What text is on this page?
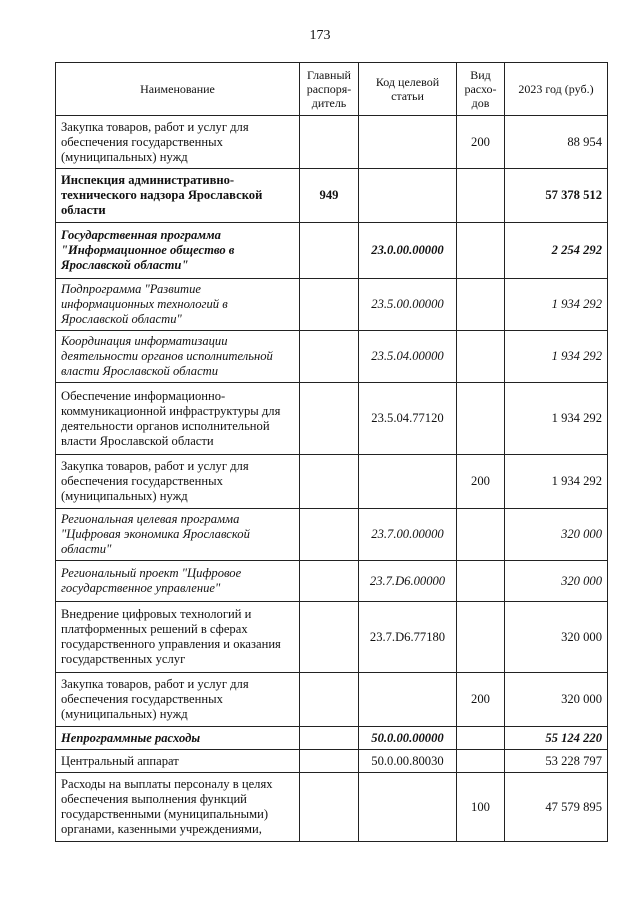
173
Наименование	Главный распоря-дитель	Код целевой статьи	Вид расхо-дов	2023 год (руб.)
Закупка товаров, работ и услуг для обеспечения государственных (муниципальных) нужд			200	88 954
Инспекция административно-технического надзора Ярославской области	949			57 378 512
Государственная программа "Информационное общество в Ярославской области"		23.0.00.00000		2 254 292
Подпрограмма "Развитие информационных технологий в Ярославской области"		23.5.00.00000		1 934 292
Координация информатизации деятельности органов исполнительной власти Ярославской области		23.5.04.00000		1 934 292
Обеспечение информационно-коммуникационной инфраструктуры для деятельности органов исполнительной власти Ярославской области		23.5.04.77120		1 934 292
Закупка товаров, работ и услуг для обеспечения государственных (муниципальных) нужд			200	1 934 292
Региональная целевая программа "Цифровая экономика Ярославской области"		23.7.00.00000		320 000
Региональный проект "Цифровое государственное управление"		23.7.D6.00000		320 000
Внедрение цифровых технологий и платформенных решений в сферах государственного управления и оказания государственных услуг		23.7.D6.77180		320 000
Закупка товаров, работ и услуг для обеспечения государственных (муниципальных) нужд			200	320 000
Непрограммные расходы		50.0.00.00000		55 124 220
Центральный аппарат		50.0.00.80030		53 228 797
Расходы на выплаты персоналу в целях обеспечения выполнения функций государственными (муниципальными) органами, казенными учреждениями,			100	47 579 895
